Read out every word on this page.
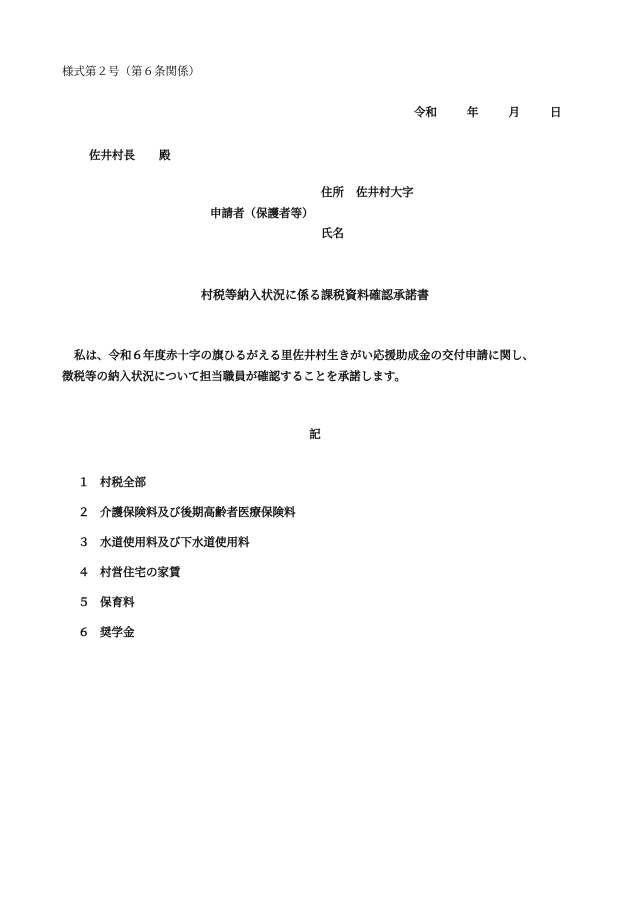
様式第２号（第６条関係）
令和	年	月	日
佐井村長 殿
住所 佐井村大字
申請者（保護者等）
氏名
村税等納入状況に係る課税資料確認承諾書

私は、令和６年度赤十字の旗ひるがえる里佐井村生きがい応援助成金の交付申請に関し、

徴税等の納入状況について担当職員が確認することを承諾します。

記
１ 村税全部
２ 介護保険料及び後期高齢者医療保険料
３ 水道使用料及び下水道使用料
４ 村営住宅の家賃
５ 保育料
６ 奨学金
